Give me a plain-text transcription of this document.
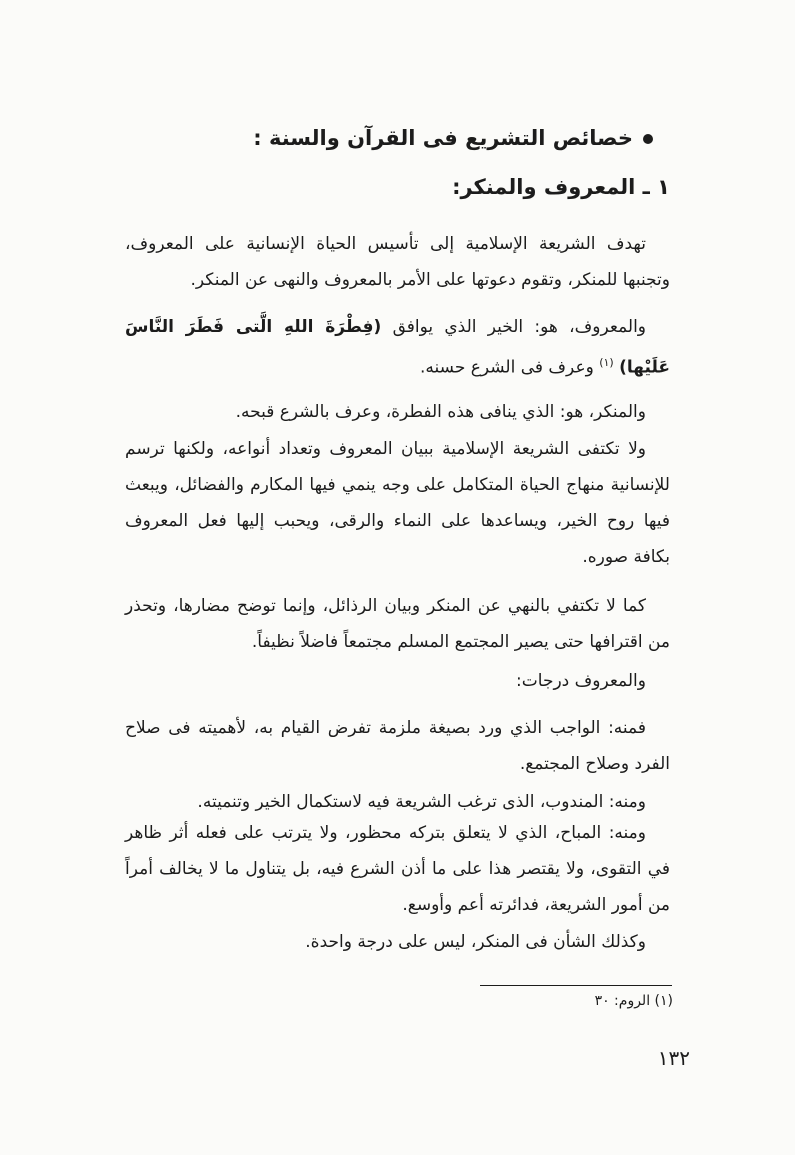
خصائص التشريع فى القرآن والسنة :
١ ـ المعروف والمنكر:
تهدف الشريعة الإسلامية إلى تأسيس الحياة الإنسانية على المعروف، وتجنبها للمنكر، وتقوم دعوتها على الأمر بالمعروف والنهى عن المنكر.
والمعروف، هو: الخير الذي يوافق (فِطْرَةَ اللهِ الَّتى فَطَرَ النَّاسَ عَلَيْها) $^{(١)}$ وعرف فى الشرع حسنه.
والمنكر، هو: الذي ينافى هذه الفطرة، وعرف بالشرع قبحه.
ولا تكتفى الشريعة الإسلامية ببيان المعروف وتعداد أنواعه، ولكنها ترسم للإنسانية منهاج الحياة المتكامل على وجه ينمي فيها المكارم والفضائل، ويبعث فيها روح الخير، ويساعدها على النماء والرقى، ويحبب إليها فعل المعروف بكافة صوره.
كما لا تكتفي بالنهي عن المنكر وبيان الرذائل، وإنما توضح مضارها، وتحذر من اقترافها حتى يصير المجتمع المسلم مجتمعاً فاضلاً نظيفاً.
والمعروف درجات:
فمنه: الواجب الذي ورد بصيغة ملزمة تفرض القيام به، لأهميته فى صلاح الفرد وصلاح المجتمع.
ومنه: المندوب، الذى ترغب الشريعة فيه لاستكمال الخير وتنميته.
ومنه: المباح، الذي لا يتعلق بتركه محظور، ولا يترتب على فعله أثر ظاهر في التقوى، ولا يقتصر هذا على ما أذن الشرع فيه، بل يتناول ما لا يخالف أمراً من أمور الشريعة، فدائرته أعم وأوسع.
وكذلك الشأن فى المنكر، ليس على درجة واحدة.
(١) الروم: ٣٠
١٣٢
